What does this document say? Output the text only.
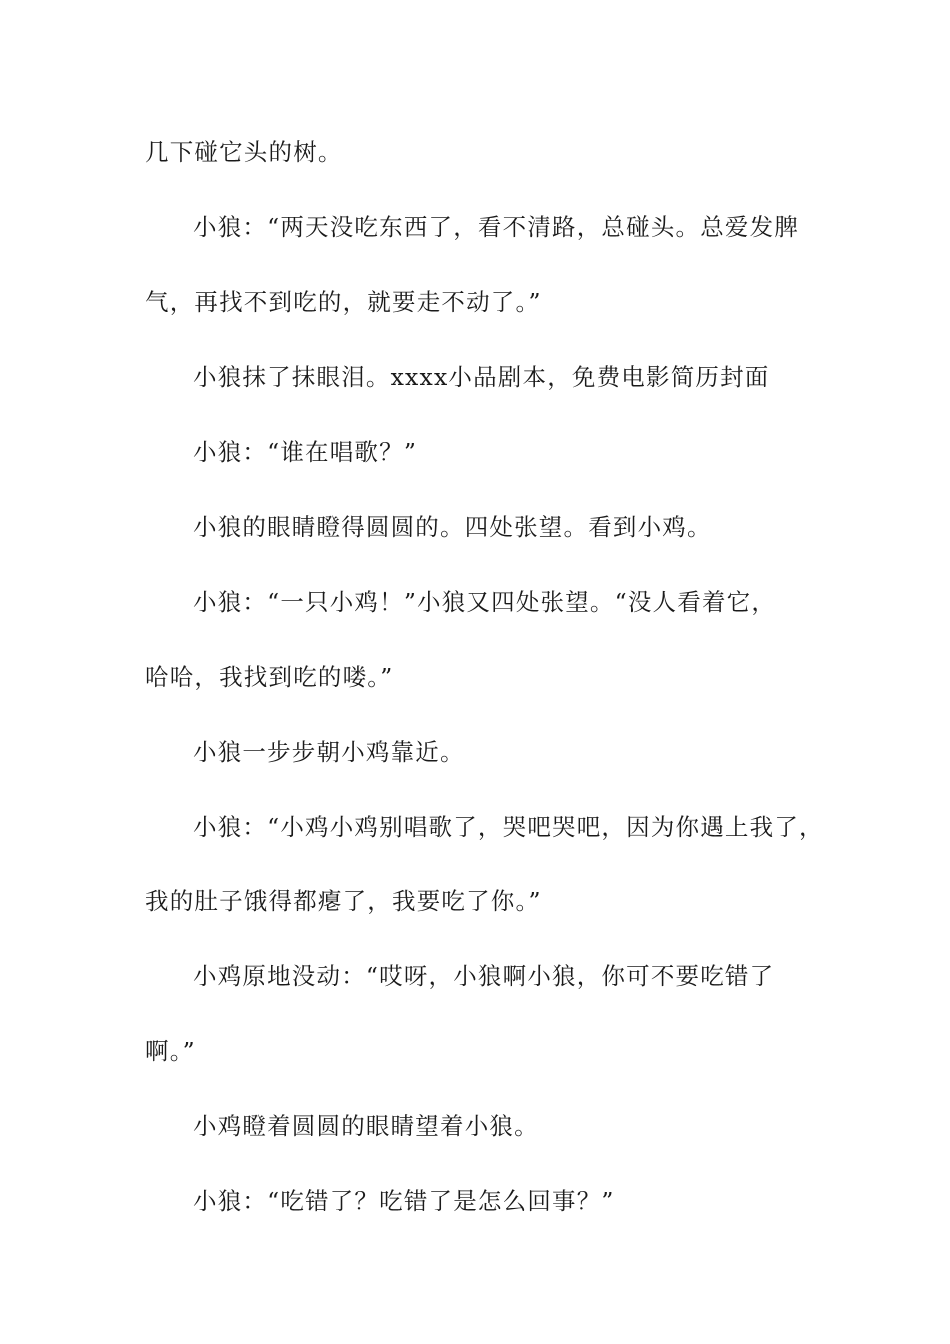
几下碰它头的树。

小狼：“两天没吃东西了，看不清路，总碰头。总爱发脾

气，再找不到吃的，就要走不动了。”

小狼抹了抹眼泪。xxxx小品剧本，免费电影简历封面

小狼：“谁在唱歌？”

小狼的眼睛瞪得圆圆的。四处张望。看到小鸡。

小狼：“一只小鸡！”小狼又四处张望。“没人看着它，

哈哈，我找到吃的喽。”

小狼一步步朝小鸡靠近。

小狼：“小鸡小鸡别唱歌了，哭吧哭吧，因为你遇上我了，

我的肚子饿得都瘪了，我要吃了你。”

小鸡原地没动：“哎呀，小狼啊小狼，你可不要吃错了

啊。”

小鸡瞪着圆圆的眼睛望着小狼。

小狼：“吃错了？吃错了是怎么回事？”
